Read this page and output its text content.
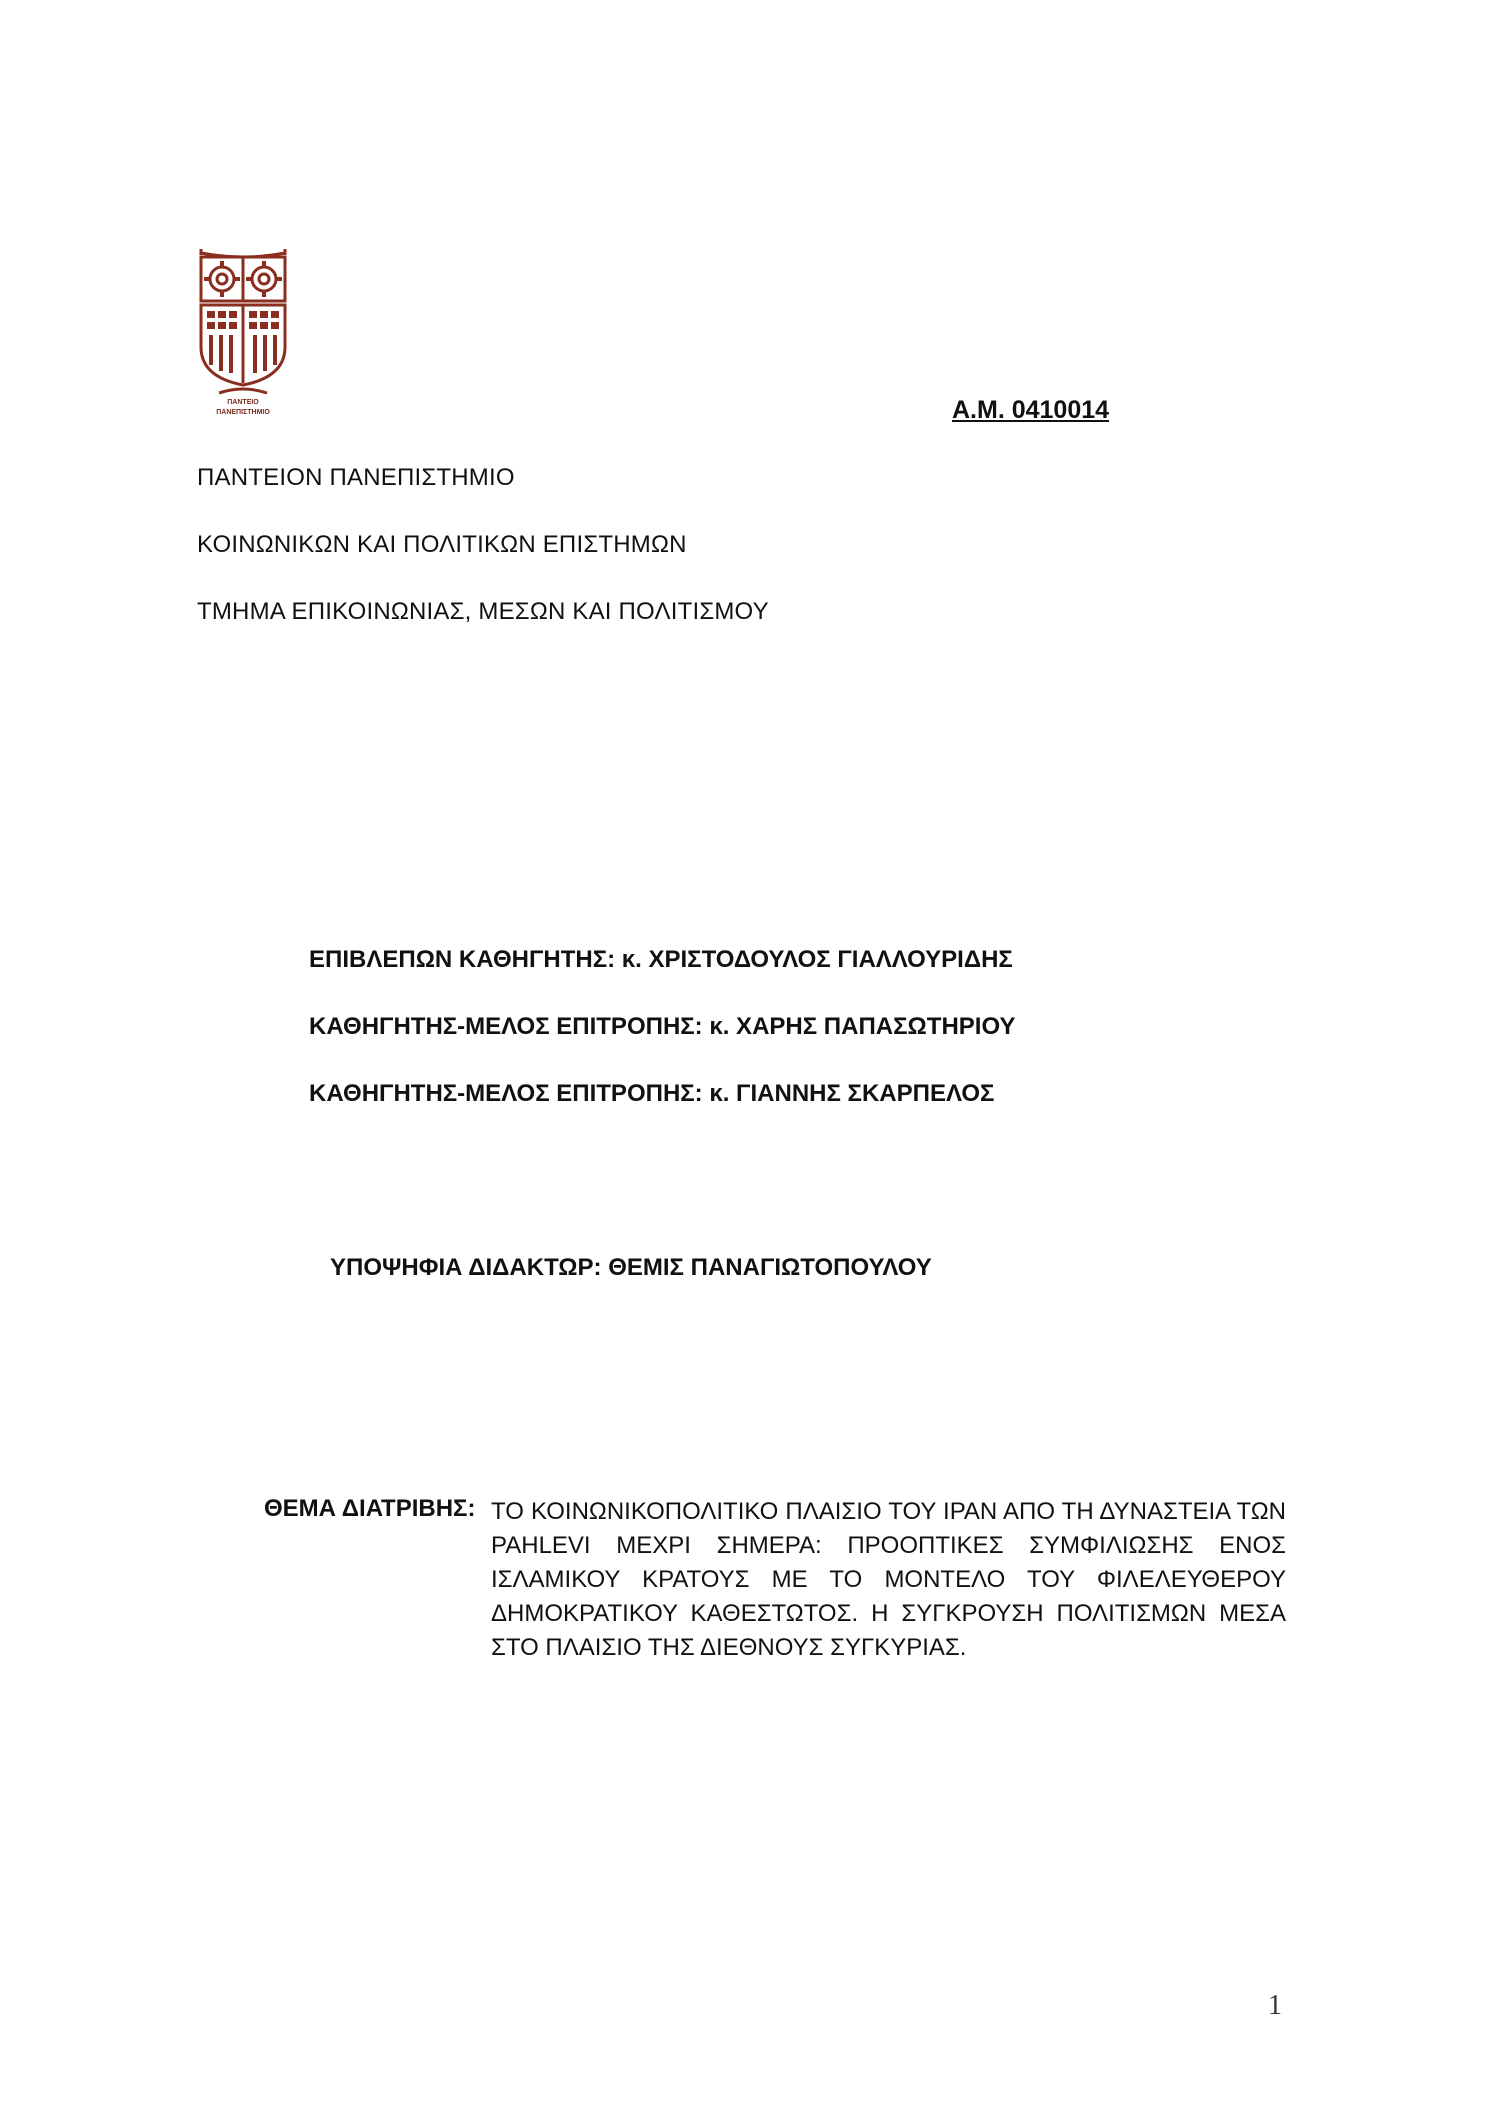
ΠΑΝΤΕΙΟ
ΠΑΝΕΠΙΣΤΗΜΙΟ	Α.Μ. 0410014
ΠΑΝΤΕΙΟΝ ΠΑΝΕΠΙΣΤΗΜΙΟ
ΚΟΙΝΩΝΙΚΩΝ ΚΑΙ ΠΟΛΙΤΙΚΩΝ ΕΠΙΣΤΗΜΩΝ
ΤΜΗΜΑ ΕΠΙΚΟΙΝΩΝΙΑΣ, ΜΕΣΩΝ ΚΑΙ ΠΟΛΙΤΙΣΜΟΥ
ΕΠΙΒΛΕΠΩΝ ΚΑΘΗΓΗΤΗΣ: κ. ΧΡΙΣΤΟΔΟΥΛΟΣ ΓΙΑΛΛΟΥΡΙΔΗΣ
ΚΑΘΗΓΗΤΗΣ-ΜΕΛΟΣ ΕΠΙΤΡΟΠΗΣ: κ. ΧΑΡΗΣ ΠΑΠΑΣΩΤΗΡΙΟΥ
ΚΑΘΗΓΗΤΗΣ-ΜΕΛΟΣ ΕΠΙΤΡΟΠΗΣ: κ. ΓΙΑΝΝΗΣ ΣΚΑΡΠΕΛΟΣ
ΥΠΟΨΗΦΙΑ ΔΙΔΑΚΤΩΡ: ΘΕΜΙΣ ΠΑΝΑΓΙΩΤΟΠΟΥΛΟΥ
ΘΕΜΑ ΔΙΑΤΡΙΒΗΣ: ΤΟ ΚΟΙΝΩΝΙΚΟΠΟΛΙΤΙΚΟ ΠΛΑΙΣΙΟ ΤΟΥ ΙΡΑΝ ΑΠΟ ΤΗ ΔΥΝΑΣΤΕΙΑ ΤΩΝ PAHLEVI ΜΕΧΡΙ ΣΗΜΕΡΑ: ΠΡΟΟΠΤΙΚΕΣ ΣΥΜΦΙΛΙΩΣΗΣ ΕΝΟΣ ΙΣΛΑΜΙΚΟΥ ΚΡΑΤΟΥΣ ΜΕ ΤΟ ΜΟΝΤΕΛΟ ΤΟΥ ΦΙΛΕΛΕΥΘΕΡΟΥ ΔΗΜΟΚΡΑΤΙΚΟΥ ΚΑΘΕΣΤΩΤΟΣ. Η ΣΥΓΚΡΟΥΣΗ ΠΟΛΙΤΙΣΜΩΝ ΜΕΣΑ ΣΤΟ ΠΛΑΙΣΙΟ ΤΗΣ ΔΙΕΘΝΟΥΣ ΣΥΓΚΥΡΙΑΣ.
1
